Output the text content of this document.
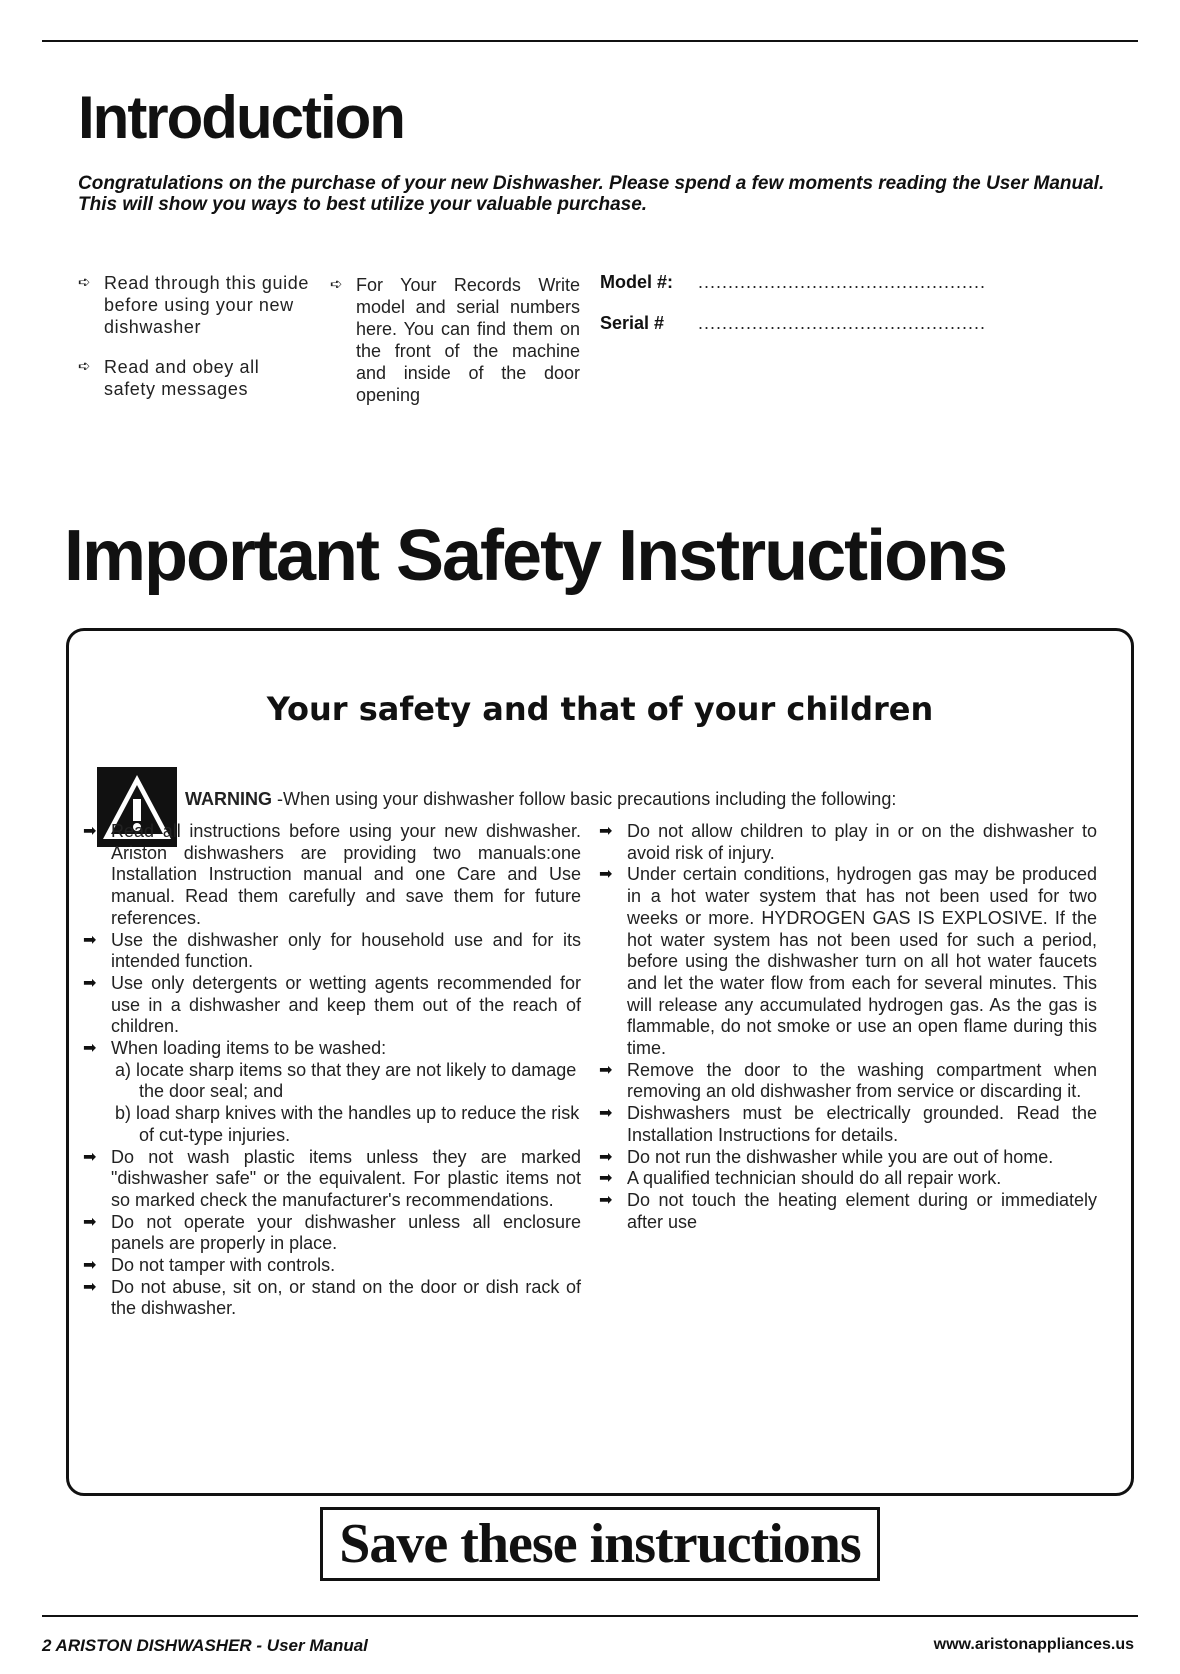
Introduction
Congratulations on the purchase of your new Dishwasher. Please spend a few moments reading the User Manual. This will show you ways to best utilize your valuable purchase.
➪ Read through this guide before using your new dishwasher
➪ Read and obey all safety messages
➪ For Your Records Write model and serial numbers here. You can find them on the front of the machine and inside of the door opening
Model #:	................................................
Serial #	................................................
Important Safety Instructions
Your safety and that of your children
WARNING -When using your dishwasher follow basic precautions including the following:
➡ Read all instructions before using your new dishwasher. Ariston dishwashers are providing two manuals:one Installation Instruction manual and one Care and Use manual. Read them carefully and save them for future references.
➡ Use the dishwasher only for household use and for its intended function.
➡ Use only detergents or wetting agents recommended for use in a dishwasher and keep them out of the reach of children.
➡ When loading items to be washed:
a) locate sharp items so that they are not likely to damage the door seal; and
b) load sharp knives with the handles up to reduce the risk of cut-type injuries.
➡ Do not wash plastic items unless they are marked "dishwasher safe" or the equivalent. For plastic items not so marked check the manufacturer's recommendations.
➡ Do not operate your dishwasher unless all enclosure panels are properly in place.
➡ Do not tamper with controls.
➡ Do not abuse, sit on, or stand on the door or dish rack of the dishwasher.
➡ Do not allow children to play in or on the dishwasher to avoid risk of injury.
➡ Under certain conditions, hydrogen gas may be produced in a hot water system that has not been used for two weeks or more. HYDROGEN GAS IS EXPLOSIVE. If the hot water system has not been used for such a period, before using the dishwasher turn on all hot water faucets and let the water flow from each for several minutes. This will release any accumulated hydrogen gas. As the gas is flammable, do not smoke or use an open flame during this time.
➡ Remove the door to the washing compartment when removing an old dishwasher from service or discarding it.
➡ Dishwashers must be electrically grounded. Read the Installation Instructions for details.
➡ Do not run the dishwasher while you are out of home.
➡ A qualified technician should do all repair work.
➡ Do not touch the heating element during or immediately after use
Save these instructions
2 ARISTON DISHWASHER - User Manual	www.aristonappliances.us
